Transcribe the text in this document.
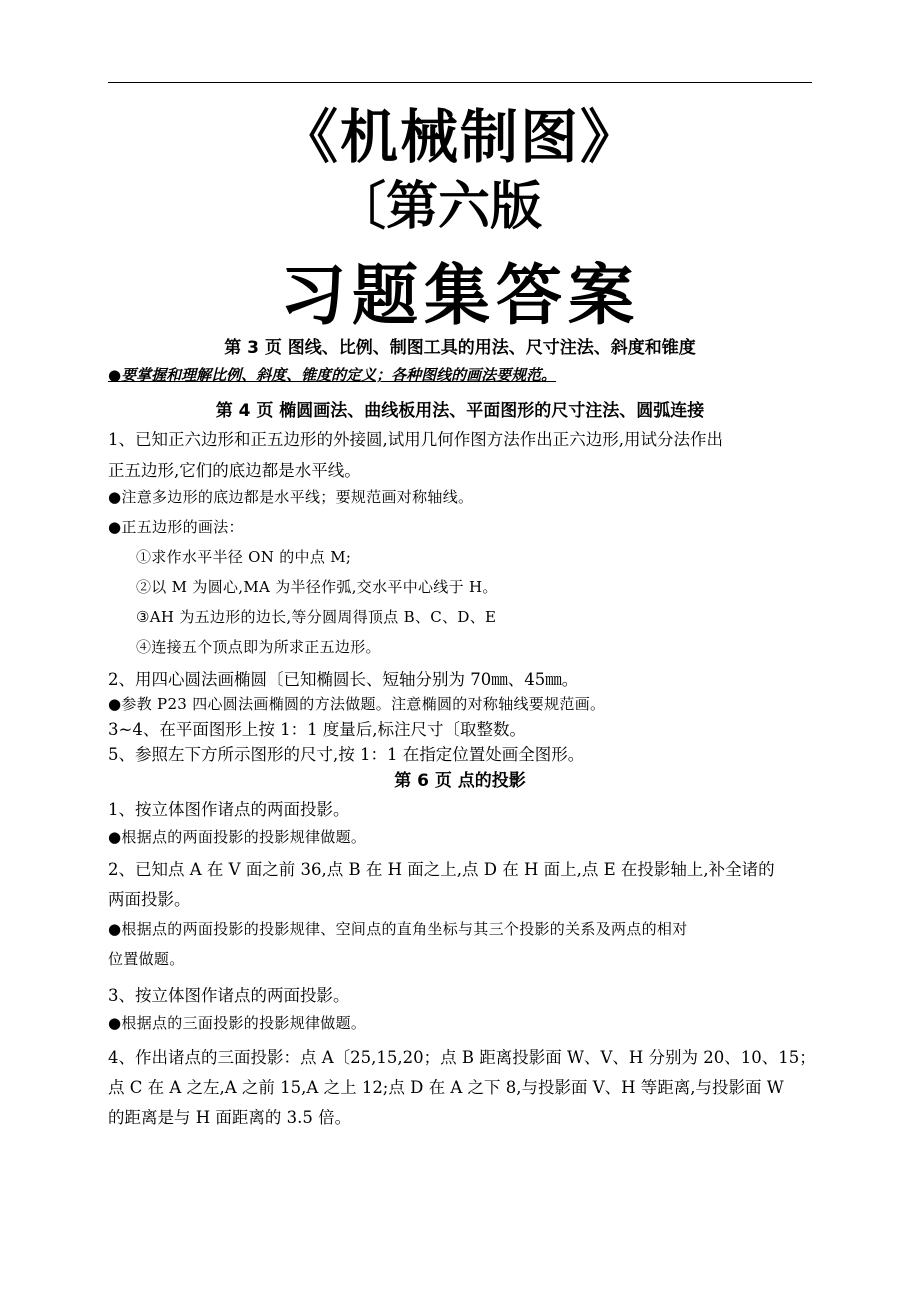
《机械制图》
〔第六版
习题集答案
第 3 页 图线、比例、制图工具的用法、尺寸注法、斜度和锥度
● 要掌握和理解比例、斜度、锥度的定义；各种图线的画法要规范。
第 4 页 椭圆画法、曲线板用法、平面图形的尺寸注法、圆弧连接
1、已知正六边形和正五边形的外接圆,试用几何作图方法作出正六边形,用试分法作出
正五边形,它们的底边都是水平线。
● 注意多边形的底边都是水平线；要规范画对称轴线。
● 正五边形的画法：
①求作水平半径 ON 的中点 M;
②以 M 为圆心,MA 为半径作弧,交水平中心线于 H。
③AH 为五边形的边长,等分圆周得顶点 B、C、D、E
④连接五个顶点即为所求正五边形。
2、用四心圆法画椭圆〔已知椭圆长、短轴分别为 70㎜、45㎜。
● 参教 P23 四心圆法画椭圆的方法做题。注意椭圆的对称轴线要规范画。
3~4、在平面图形上按 1：1 度量后,标注尺寸〔取整数。
5、参照左下方所示图形的尺寸,按 1：1 在指定位置处画全图形。
第 6 页 点的投影
1、按立体图作诸点的两面投影。
● 根据点的两面投影的投影规律做题。
2、已知点 A 在 V 面之前 36,点 B 在 H 面之上,点 D 在 H 面上,点 E 在投影轴上,补全诸的
两面投影。
● 根据点的两面投影的投影规律、空间点的直角坐标与其三个投影的关系及两点的相对
位置做题。
3、按立体图作诸点的两面投影。
● 根据点的三面投影的投影规律做题。
4、作出诸点的三面投影：点 A〔25,15,20；点 B 距离投影面 W、V、H 分别为 20、10、15；
点 C 在 A 之左,A 之前 15,A 之上 12;点 D 在 A 之下 8,与投影面 V、H 等距离,与投影面 W
的距离是与 H 面距离的 3.5 倍。
